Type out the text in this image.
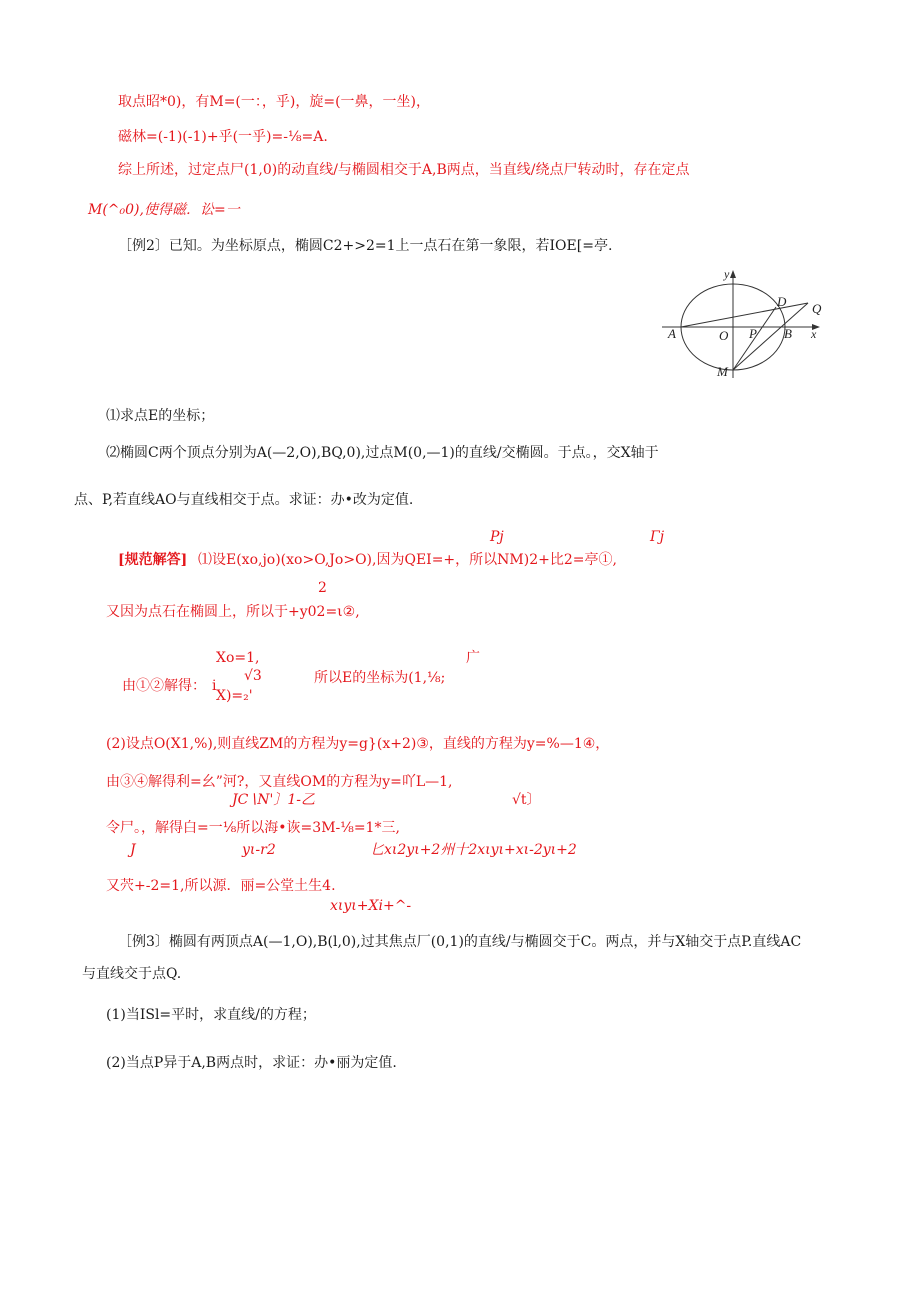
取点昭*0)，有M=(一：，乎)，旋=(一鼻，一坐)，
磁林=(-1)(-1)+乎(一乎)=-⅛=A.
综上所述，过定点尸(1,0)的动直线/与椭圆相交于A,B两点，当直线/绕点尸转动时，存在定点
M(^₀0),使得磁．讼=一
［例2〕已知。为坐标原点，椭圆C2+>2=1上一点石在第一象限，若IOE[=亭.
y
x
A	O P B
D Q
M
⑴求点E的坐标；
⑵椭圆C两个顶点分别为A(—2,O),BQ,0),过点M(0,—1)的直线/交椭圆。于点。，交X轴于
点、P,若直线AO与直线相交于点。求证：办•改为定值.
Pj	Γj
[规范解答] ⑴设E(xo,jo)(xo>O,Jo>O),因为QEI=+，所以NM)2+比2=亭①,
2
又因为点石在椭圆上，所以于+y02=ι②,
Xo=1,	广
√3
由①②解得： i	所以E的坐标为(1,⅛;
X)=₂'
(2)设点O(X1,%),则直线ZM的方程为y=g}(x+2)③，直线的方程为y=%—1④，
由③④解得利=幺”河?，又直线OM的方程为y=吖L—1,
JC∖N'〕1-乙	√t〕
令尸。，解得白=一⅛所以海•诙=3M-⅛=1*三,
J	yι-r2	匕xι2yι+2州十2xιyι+xι-2yι+2
又茓+-2=1,所以源．丽=公堂土生4.
xιyι+Xi+^-
［例3〕椭圆有两顶点A(—1,O),B(l,0),过其焦点厂(0,1)的直线/与椭圆交于C。两点，并与X轴交于点P.直线AC
与直线交于点Q.
(1)当ISl=平时，求直线/的方程；
(2)当点P异于A,B两点时，求证：办•丽为定值.
